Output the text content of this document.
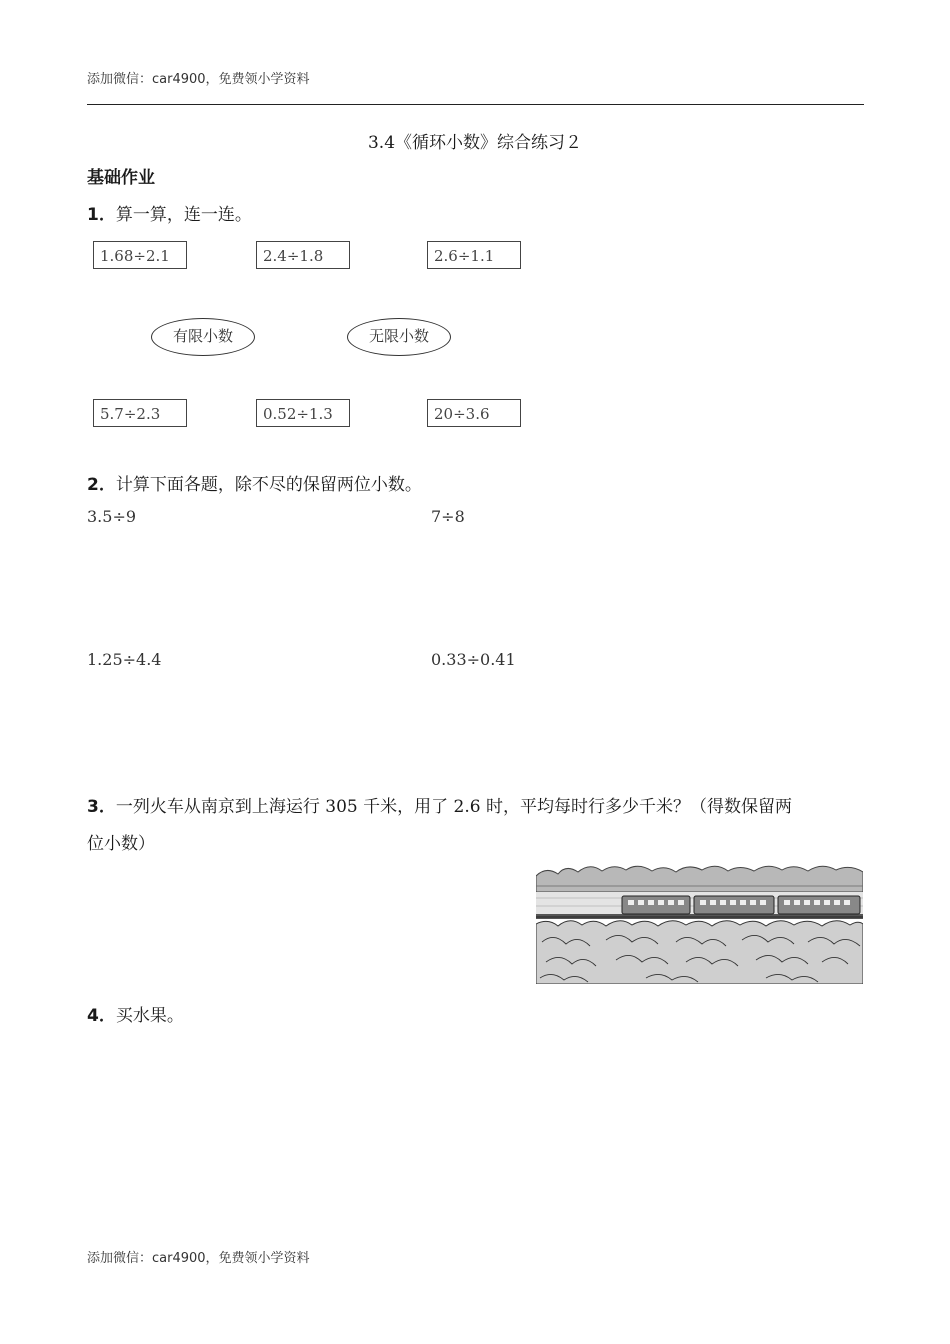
添加微信：car4900，免费领小学资料
3.4《循环小数》综合练习２
基础作业
1．算一算，连一连。
1.68÷2.1	2.4÷1.8	2.6÷1.1
有限小数	无限小数
5.7÷2.3	0.52÷1.3	20÷3.6
2．计算下面各题，除不尽的保留两位小数。
3.5÷9	7÷8
1.25÷4.4	0.33÷0.41
3．一列火车从南京到上海运行 305 千米，用了 2.6 时，平均每时行多少千米？（得数保留两
位小数）
4．买水果。
添加微信：car4900，免费领小学资料
